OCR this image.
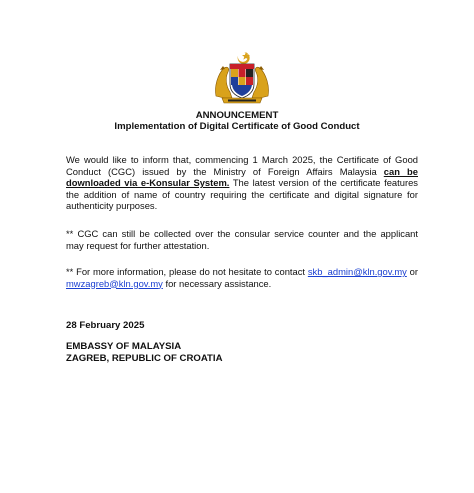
ANNOUNCEMENT
Implementation of Digital Certificate of Good Conduct
We would like to inform that, commencing 1 March 2025, the Certificate of Good Conduct (CGC) issued by the Ministry of Foreign Affairs Malaysia can be downloaded via e-Konsular System. The latest version of the certificate features the addition of name of country requiring the certificate and digital signature for authenticity purposes.
** CGC can still be collected over the consular service counter and the applicant may request for further attestation.
** For more information, please do not hesitate to contact skb_admin@kln.gov.my or mwzagreb@kln.gov.my for necessary assistance.
28 February 2025
EMBASSY OF MALAYSIA
ZAGREB, REPUBLIC OF CROATIA
